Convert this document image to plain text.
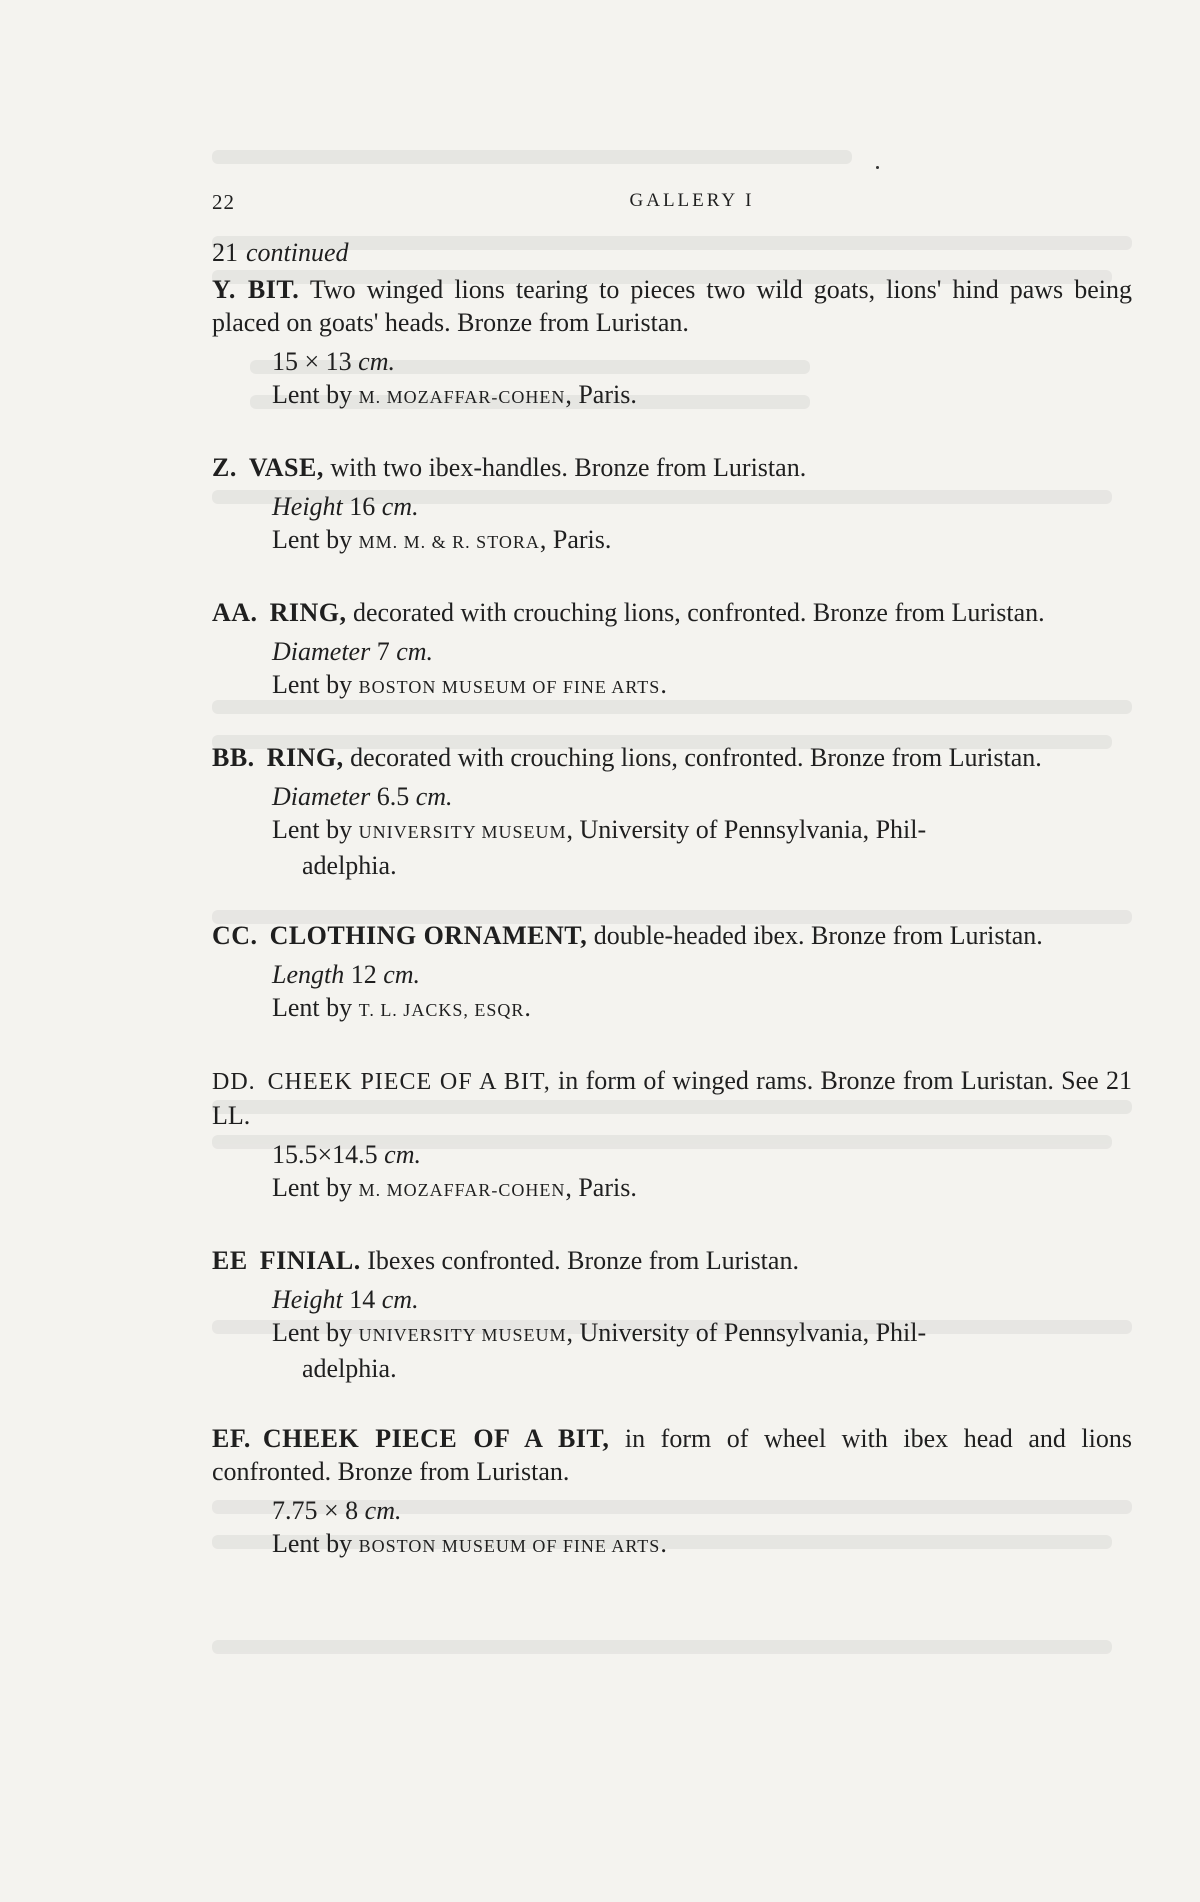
22	GALLERY I
21 continued
Y. BIT. Two winged lions tearing to pieces two wild goats, lions' hind paws being placed on goats' heads. Bronze from Luristan.
15 × 13 cm.
Lent by M. MOZAFFAR-COHEN, Paris.
Z. VASE, with two ibex-handles. Bronze from Luristan.
Height 16 cm.
Lent by MM. M. & R. STORA, Paris.
AA. RING, decorated with crouching lions, confronted. Bronze from Luristan.
Diameter 7 cm.
Lent by BOSTON MUSEUM OF FINE ARTS.
BB. RING, decorated with crouching lions, confronted. Bronze from Luristan.
Diameter 6.5 cm.
Lent by UNIVERSITY MUSEUM, University of Pennsylvania, Phil-
adelphia.
CC. CLOTHING ORNAMENT, double-headed ibex. Bronze from Luristan.
Length 12 cm.
Lent by T. L. JACKS, ESQR.
DD. CHEEK PIECE OF A BIT, in form of winged rams. Bronze from Luristan. See 21 LL.
15.5×14.5 cm.
Lent by M. MOZAFFAR-COHEN, Paris.
EE FINIAL. Ibexes confronted. Bronze from Luristan.
Height 14 cm.
Lent by UNIVERSITY MUSEUM, University of Pennsylvania, Phil-
adelphia.
EF. CHEEK PIECE OF A BIT, in form of wheel with ibex head and lions confronted. Bronze from Luristan.
7.75 × 8 cm.
Lent by BOSTON MUSEUM OF FINE ARTS.
